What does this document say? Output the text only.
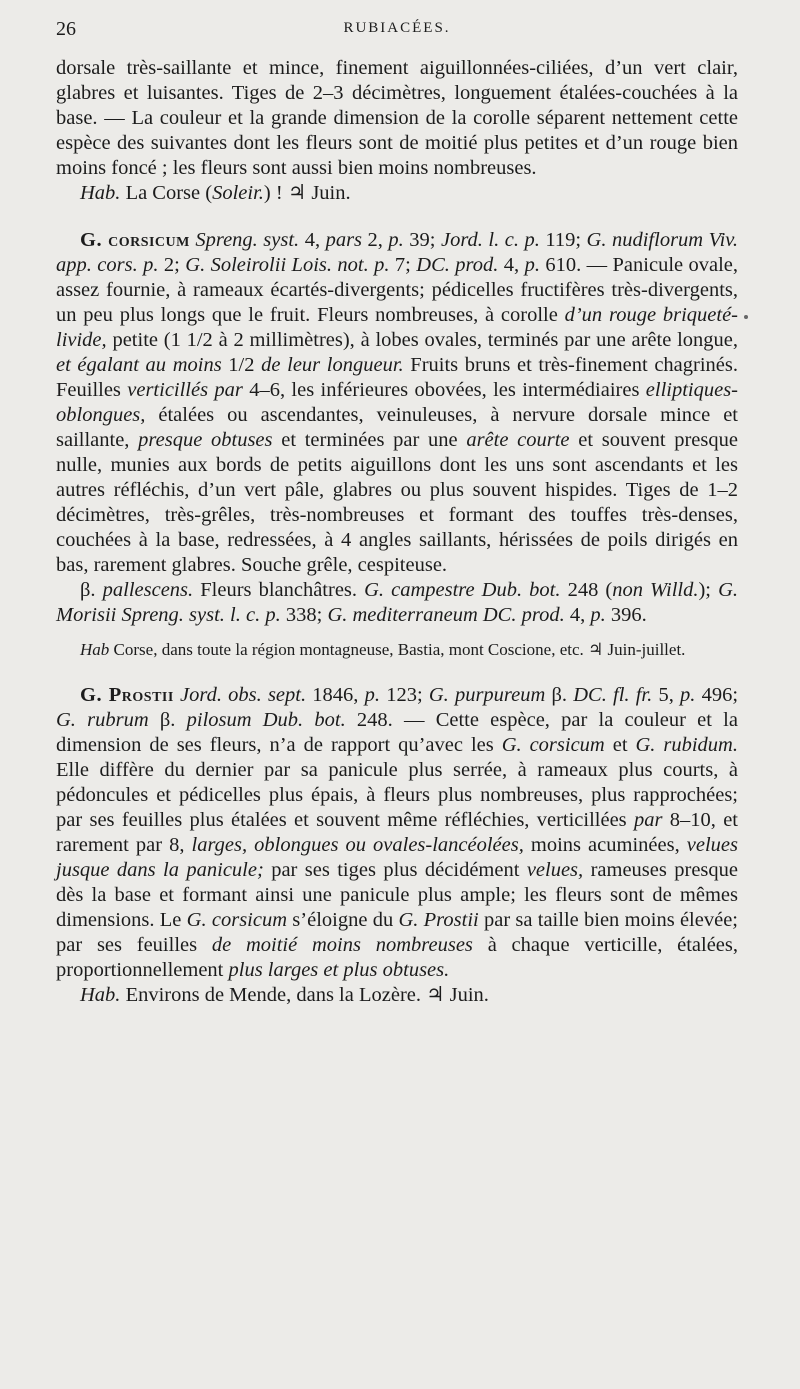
26	RUBIACÉES.

dorsale très-saillante et mince, finement aiguillonnées-ciliées, d’un vert clair, glabres et luisantes. Tiges de 2–3 décimètres, longuement étalées-couchées à la base. — La couleur et la grande dimension de la corolle séparent nettement cette espèce des suivantes dont les fleurs sont de moitié plus petites et d’un rouge bien moins foncé ; les fleurs sont aussi bien moins nombreuses.

Hab. La Corse (Soleir.) ! ♃ Juin.

G. corsicum Spreng. syst. 4, pars 2, p. 39; Jord. l. c. p. 119; G. nudiflorum Viv. app. cors. p. 2; G. Soleirolii Lois. not. p. 7; DC. prod. 4, p. 610. — Panicule ovale, assez fournie, à rameaux écartés-divergents; pédicelles fructifères très-divergents, un peu plus longs que le fruit. Fleurs nombreuses, à corolle d’un rouge briqueté-livide, petite (1 1/2 à 2 millimètres), à lobes ovales, terminés par une arête longue, et égalant au moins 1/2 de leur longueur. Fruits bruns et très-finement chagrinés. Feuilles verticillés par 4–6, les inférieures obovées, les intermédiaires elliptiques-oblongues, étalées ou ascendantes, veinuleuses, à nervure dorsale mince et saillante, presque obtuses et terminées par une arête courte et souvent presque nulle, munies aux bords de petits aiguillons dont les uns sont ascendants et les autres réfléchis, d’un vert pâle, glabres ou plus souvent hispides. Tiges de 1–2 décimètres, très-grêles, très-nombreuses et formant des touffes très-denses, couchées à la base, redressées, à 4 angles saillants, hérissées de poils dirigés en bas, rarement glabres. Souche grêle, cespiteuse.

β. pallescens. Fleurs blanchâtres. G. campestre Dub. bot. 248 (non Willd.); G. Morisii Spreng. syst. l. c. p. 338; G. mediterraneum DC. prod. 4, p. 396.

Hab Corse, dans toute la région montagneuse, Bastia, mont Coscione, etc. ♃ Juin-juillet.

G. Prostii Jord. obs. sept. 1846, p. 123; G. purpureum β. DC. fl. fr. 5, p. 496; G. rubrum β. pilosum Dub. bot. 248. — Cette espèce, par la couleur et la dimension de ses fleurs, n’a de rapport qu’avec les G. corsicum et G. rubidum. Elle diffère du dernier par sa panicule plus serrée, à rameaux plus courts, à pédoncules et pédicelles plus épais, à fleurs plus nombreuses, plus rapprochées; par ses feuilles plus étalées et souvent même réfléchies, verticillées par 8–10, et rarement par 8, larges, oblongues ou ovales-lancéolées, moins acuminées, velues jusque dans la panicule; par ses tiges plus décidément velues, rameuses presque dès la base et formant ainsi une panicule plus ample; les fleurs sont de mêmes dimensions. Le G. corsicum s’éloigne du G. Prostii par sa taille bien moins élevée; par ses feuilles de moitié moins nombreuses à chaque verticille, étalées, proportionnellement plus larges et plus obtuses.

Hab. Environs de Mende, dans la Lozère. ♃ Juin.
